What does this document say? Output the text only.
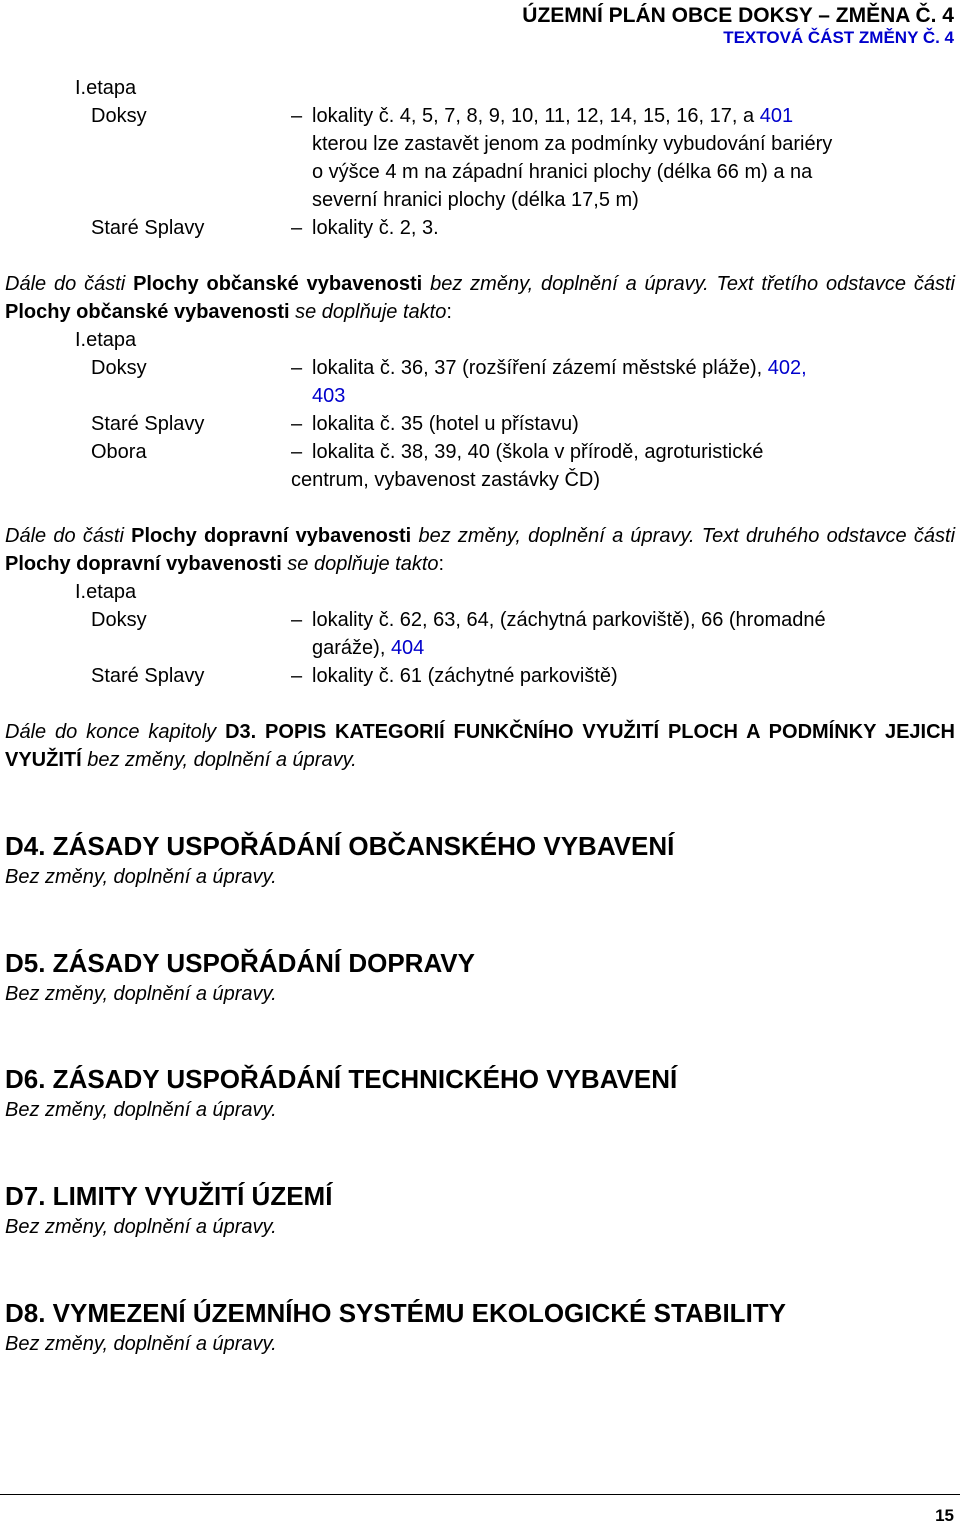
ÚZEMNÍ PLÁN OBCE DOKSY – ZMĚNA Č. 4
TEXTOVÁ ČÁST ZMĚNY Č. 4
I.etapa
Doksy	– lokality č. 4, 5, 7, 8, 9, 10, 11, 12, 14, 15, 16, 17, a 401
kterou lze zastavět jenom za podmínky vybudování bariéry
o výšce 4 m na západní hranici plochy (délka 66 m) a na
severní hranici plochy (délka 17,5 m)
Staré Splavy	– lokality č. 2, 3.
Dále do části Plochy občanské vybavenosti bez změny, doplnění a úpravy. Text třetího odstavce části Plochy občanské vybavenosti se doplňuje takto:
I.etapa
Doksy	– lokalita č. 36, 37 (rozšíření zázemí městské pláže), 402,
403
Staré Splavy	– lokalita č. 35 (hotel u přístavu)
Obora	– lokalita č. 38, 39, 40 (škola v přírodě, agroturistické
centrum, vybavenost zastávky ČD)
Dále do části Plochy dopravní vybavenosti bez změny, doplnění a úpravy. Text druhého odstavce části Plochy dopravní vybavenosti se doplňuje takto:
I.etapa
Doksy	– lokality č. 62, 63, 64, (záchytná parkoviště), 66 (hromadné
garáže), 404
Staré Splavy	– lokality č. 61 (záchytné parkoviště)
Dále do konce kapitoly D3. POPIS KATEGORIÍ FUNKČNÍHO VYUŽITÍ PLOCH A PODMÍNKY JEJICH VYUŽITÍ bez změny, doplnění a úpravy.
D4. ZÁSADY USPOŘÁDÁNÍ OBČANSKÉHO VYBAVENÍ

Bez změny, doplnění a úpravy.

D5. ZÁSADY USPOŘÁDÁNÍ DOPRAVY

Bez změny, doplnění a úpravy.

D6. ZÁSADY USPOŘÁDÁNÍ TECHNICKÉHO VYBAVENÍ

Bez změny, doplnění a úpravy.

D7. LIMITY VYUŽITÍ ÚZEMÍ

Bez změny, doplnění a úpravy.

D8. VYMEZENÍ ÚZEMNÍHO SYSTÉMU EKOLOGICKÉ STABILITY

Bez změny, doplnění a úpravy.

15
